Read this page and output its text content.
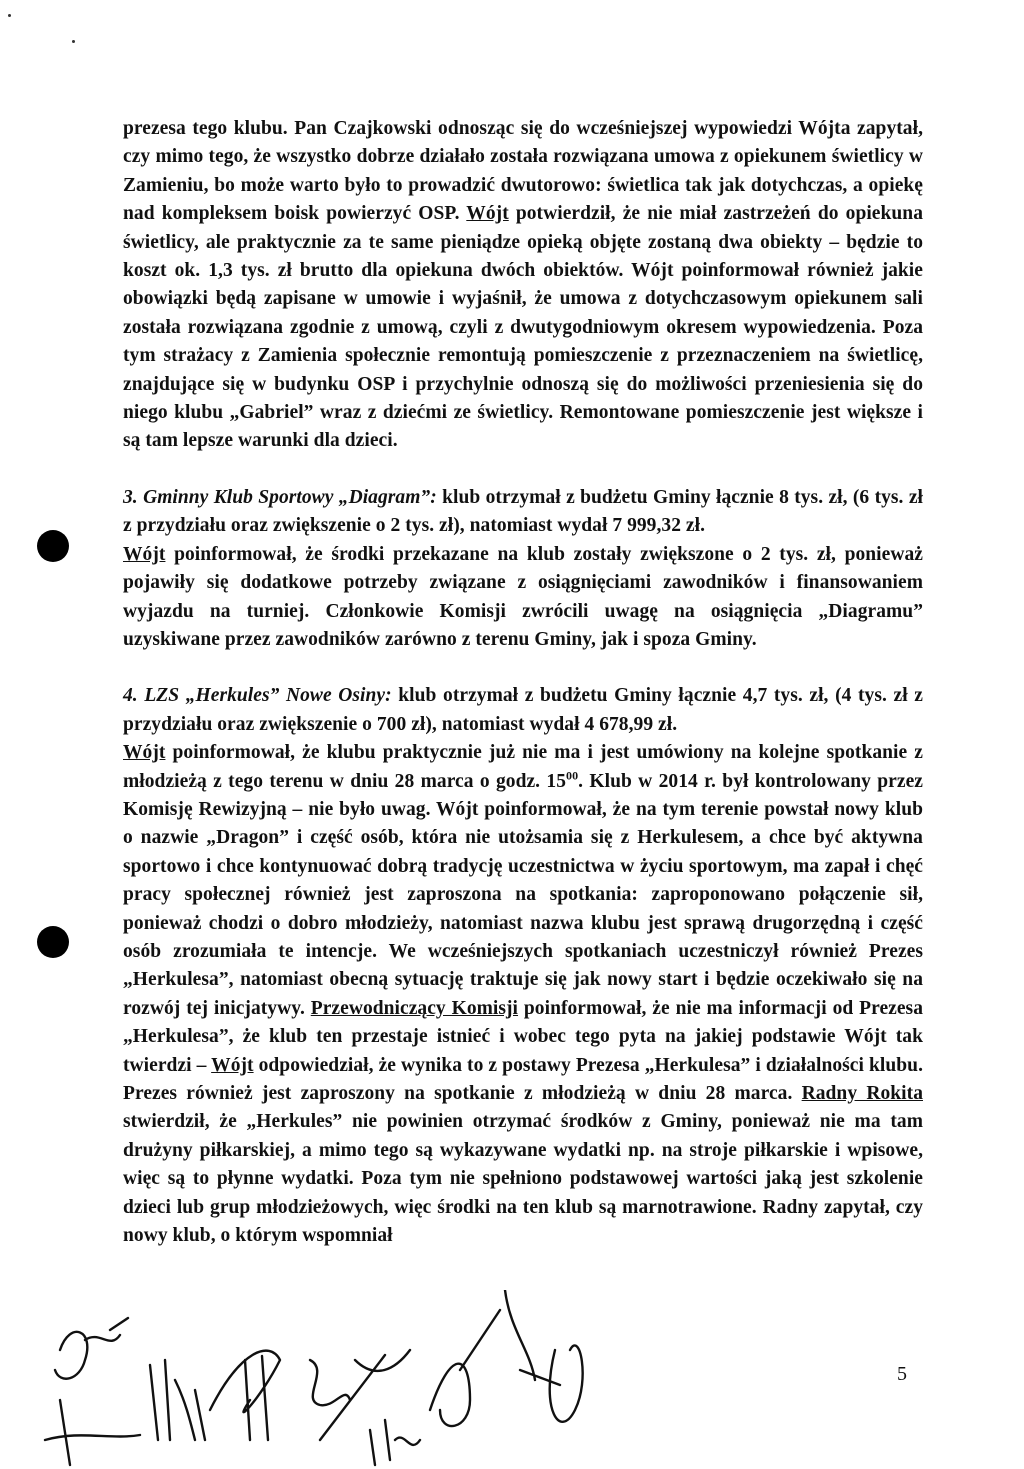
prezesa tego klubu. Pan Czajkowski odnosząc się do wcześniejszej wypowiedzi Wójta zapytał, czy mimo tego, że wszystko dobrze działało została rozwiązana umowa z opiekunem świetlicy w Zamieniu, bo może warto było to prowadzić dwutorowo: świetlica tak jak dotychczas, a opiekę nad kompleksem boisk powierzyć OSP. Wójt potwierdził, że nie miał zastrzeżeń do opiekuna świetlicy, ale praktycznie za te same pieniądze opieką objęte zostaną dwa obiekty – będzie to koszt ok. 1,3 tys. zł brutto dla opiekuna dwóch obiektów. Wójt poinformował również jakie obowiązki będą zapisane w umowie i wyjaśnił, że umowa z dotychczasowym opiekunem sali została rozwiązana zgodnie z umową, czyli z dwutygodniowym okresem wypowiedzenia. Poza tym strażacy z Zamienia społecznie remontują pomieszczenie z przeznaczeniem na świetlicę, znajdujące się w budynku OSP i przychylnie odnoszą się do możliwości przeniesienia się do niego klubu „Gabriel” wraz z dziećmi ze świetlicy. Remontowane pomieszczenie jest większe i są tam lepsze warunki dla dzieci.

3. Gminny Klub Sportowy „Diagram”: klub otrzymał z budżetu Gminy łącznie 8 tys. zł, (6 tys. zł z przydziału oraz zwiększenie o 2 tys. zł), natomiast wydał 7 999,32 zł.

Wójt poinformował, że środki przekazane na klub zostały zwiększone o 2 tys. zł, ponieważ pojawiły się dodatkowe potrzeby związane z osiągnięciami zawodników i finansowaniem wyjazdu na turniej. Członkowie Komisji zwrócili uwagę na osiągnięcia „Diagramu” uzyskiwane przez zawodników zarówno z terenu Gminy, jak i spoza Gminy.

4. LZS „Herkules” Nowe Osiny: klub otrzymał z budżetu Gminy łącznie 4,7 tys. zł, (4 tys. zł z przydziału oraz zwiększenie o 700 zł), natomiast wydał 4 678,99 zł.

Wójt poinformował, że klubu praktycznie już nie ma i jest umówiony na kolejne spotkanie z młodzieżą z tego terenu w dniu 28 marca o godz. $15^{00}$. Klub w 2014 r. był kontrolowany przez Komisję Rewizyjną – nie było uwag. Wójt poinformował, że na tym terenie powstał nowy klub o nazwie „Dragon” i część osób, która nie utożsamia się z Herkulesem, a chce być aktywna sportowo i chce kontynuować dobrą tradycję uczestnictwa w życiu sportowym, ma zapał i chęć pracy społecznej również jest zaproszona na spotkania: zaproponowano połączenie sił, ponieważ chodzi o dobro młodzieży, natomiast nazwa klubu jest sprawą drugorzędną i część osób zrozumiała te intencje. We wcześniejszych spotkaniach uczestniczył również Prezes „Herkulesa”, natomiast obecną sytuację traktuje się jak nowy start i będzie oczekiwało się na rozwój tej inicjatywy. Przewodniczący Komisji poinformował, że nie ma informacji od Prezesa „Herkulesa”, że klub ten przestaje istnieć i wobec tego pyta na jakiej podstawie Wójt tak twierdzi – Wójt odpowiedział, że wynika to z postawy Prezesa „Herkulesa” i działalności klubu. Prezes również jest zaproszony na spotkanie z młodzieżą w dniu 28 marca. Radny Rokita stwierdził, że „Herkules” nie powinien otrzymać środków z Gminy, ponieważ nie ma tam drużyny piłkarskiej, a mimo tego są wykazywane wydatki np. na stroje piłkarskie i wpisowe, więc są to płynne wydatki. Poza tym nie spełniono podstawowej wartości jaką jest szkolenie dzieci lub grup młodzieżowych, więc środki na ten klub są marnotrawione. Radny zapytał, czy nowy klub, o którym wspomniał

5
